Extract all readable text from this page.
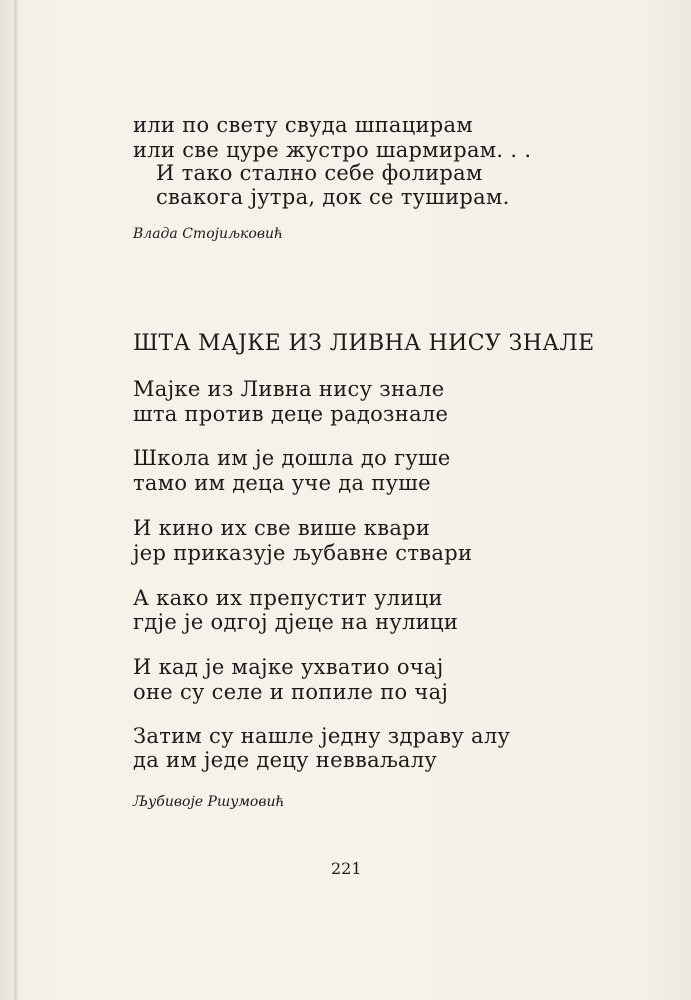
или по свету свуда шпацирам
или све цуре жустро шармирам. . .
И тако стално себе фолирам
свакога јутра, док се туширам.
Влада Стојиљковић
ШТА МАЈКЕ ИЗ ЛИВНА НИСУ ЗНАЛЕ
Мајке из Ливна нису знале
шта против деце радознале
Школа им је дошла до гуше
тамо им деца уче да пуше
И кино их све више квари
јер приказује љубавне ствари
А како их препустит улици
гдје је одгој дјеце на нулици
И кад је мајке ухватио очај
оне су селе и попиле по чај
Затим су нашле једну здраву алу
да им једе децу невваљалу
Љубивоје Ршумовић
221
